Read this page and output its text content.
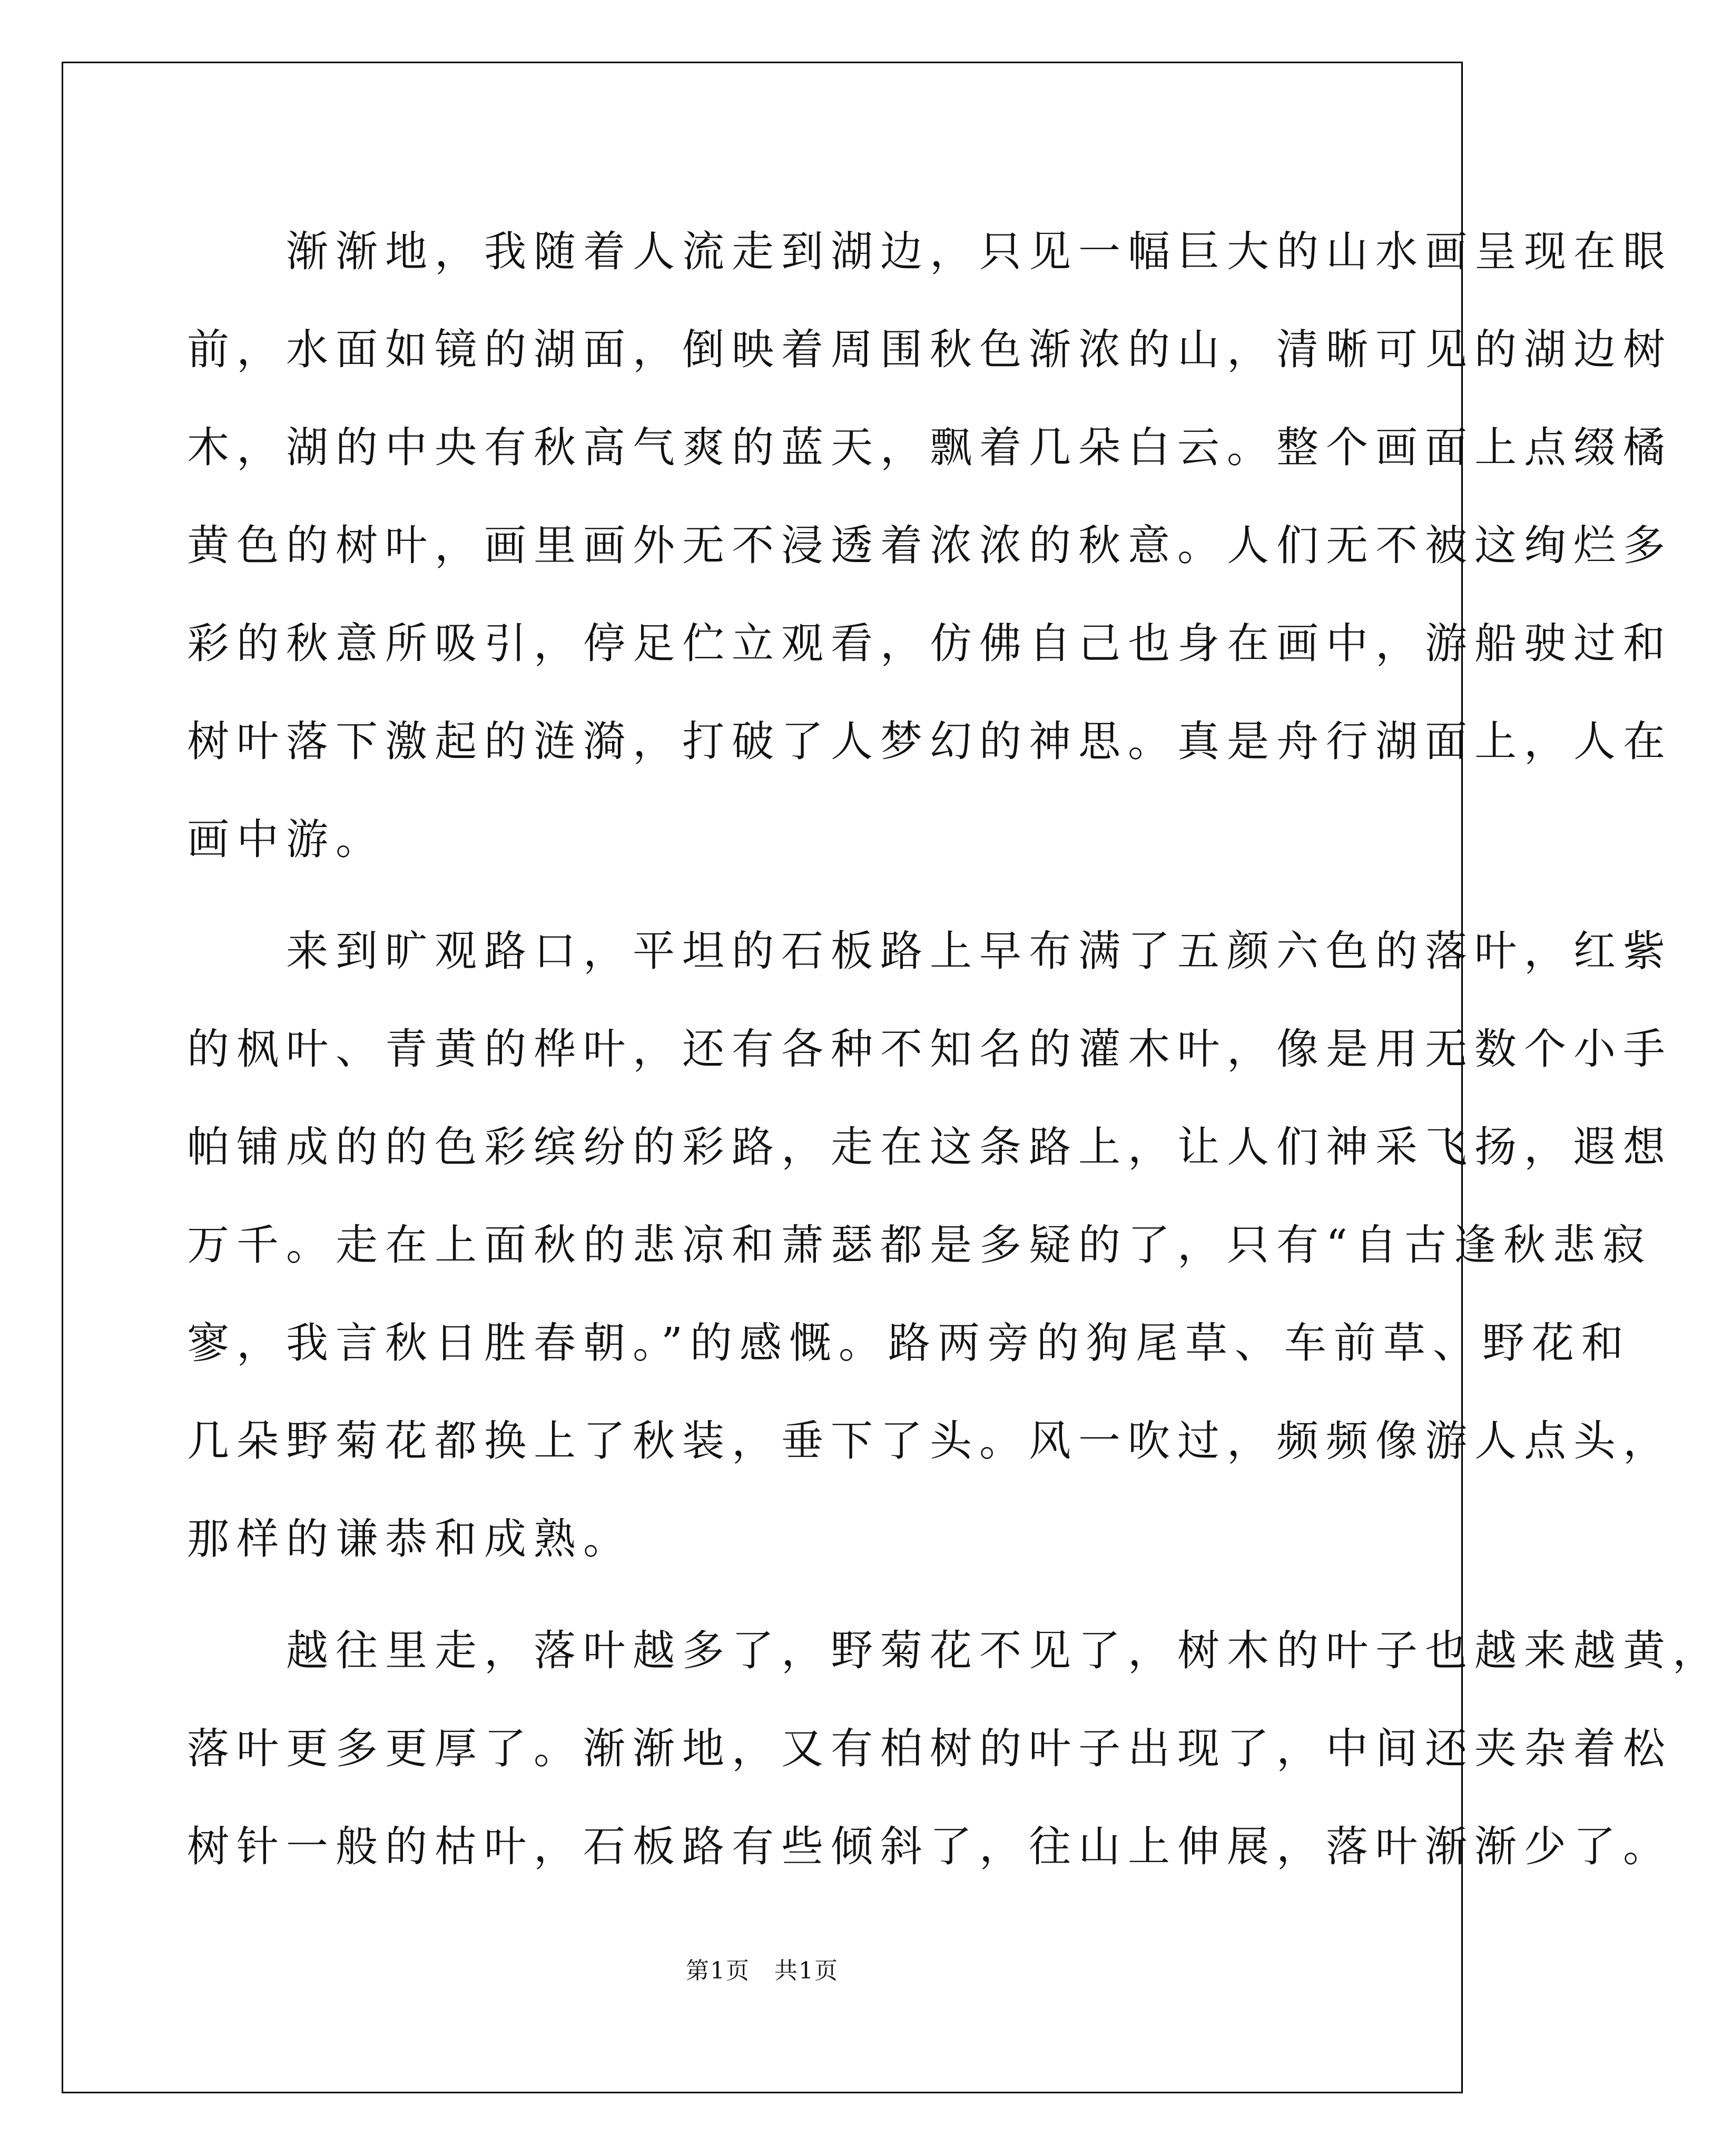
　　渐渐地，我随着人流走到湖边，只见一幅巨大的山水画呈现在眼
前，水面如镜的湖面，倒映着周围秋色渐浓的山，清晰可见的湖边树
木，湖的中央有秋高气爽的蓝天，飘着几朵白云。整个画面上点缀橘
黄色的树叶，画里画外无不浸透着浓浓的秋意。人们无不被这绚烂多
彩的秋意所吸引，停足伫立观看，仿佛自己也身在画中，游船驶过和
树叶落下激起的涟漪，打破了人梦幻的神思。真是舟行湖面上，人在
画中游。
　　来到旷观路口，平坦的石板路上早布满了五颜六色的落叶，红紫
的枫叶、青黄的桦叶，还有各种不知名的灌木叶，像是用无数个小手
帕铺成的的色彩缤纷的彩路，走在这条路上，让人们神采飞扬，遐想
万千。走在上面秋的悲凉和萧瑟都是多疑的了，只有“自古逢秋悲寂
寥，我言秋日胜春朝。”的感慨。路两旁的狗尾草、车前草、野花和
几朵野菊花都换上了秋装，垂下了头。风一吹过，频频像游人点头，
那样的谦恭和成熟。
　　越往里走，落叶越多了，野菊花不见了，树木的叶子也越来越黄，
落叶更多更厚了。渐渐地，又有柏树的叶子出现了，中间还夹杂着松
树针一般的枯叶，石板路有些倾斜了，往山上伸展，落叶渐渐少了。
第1页　共1页
